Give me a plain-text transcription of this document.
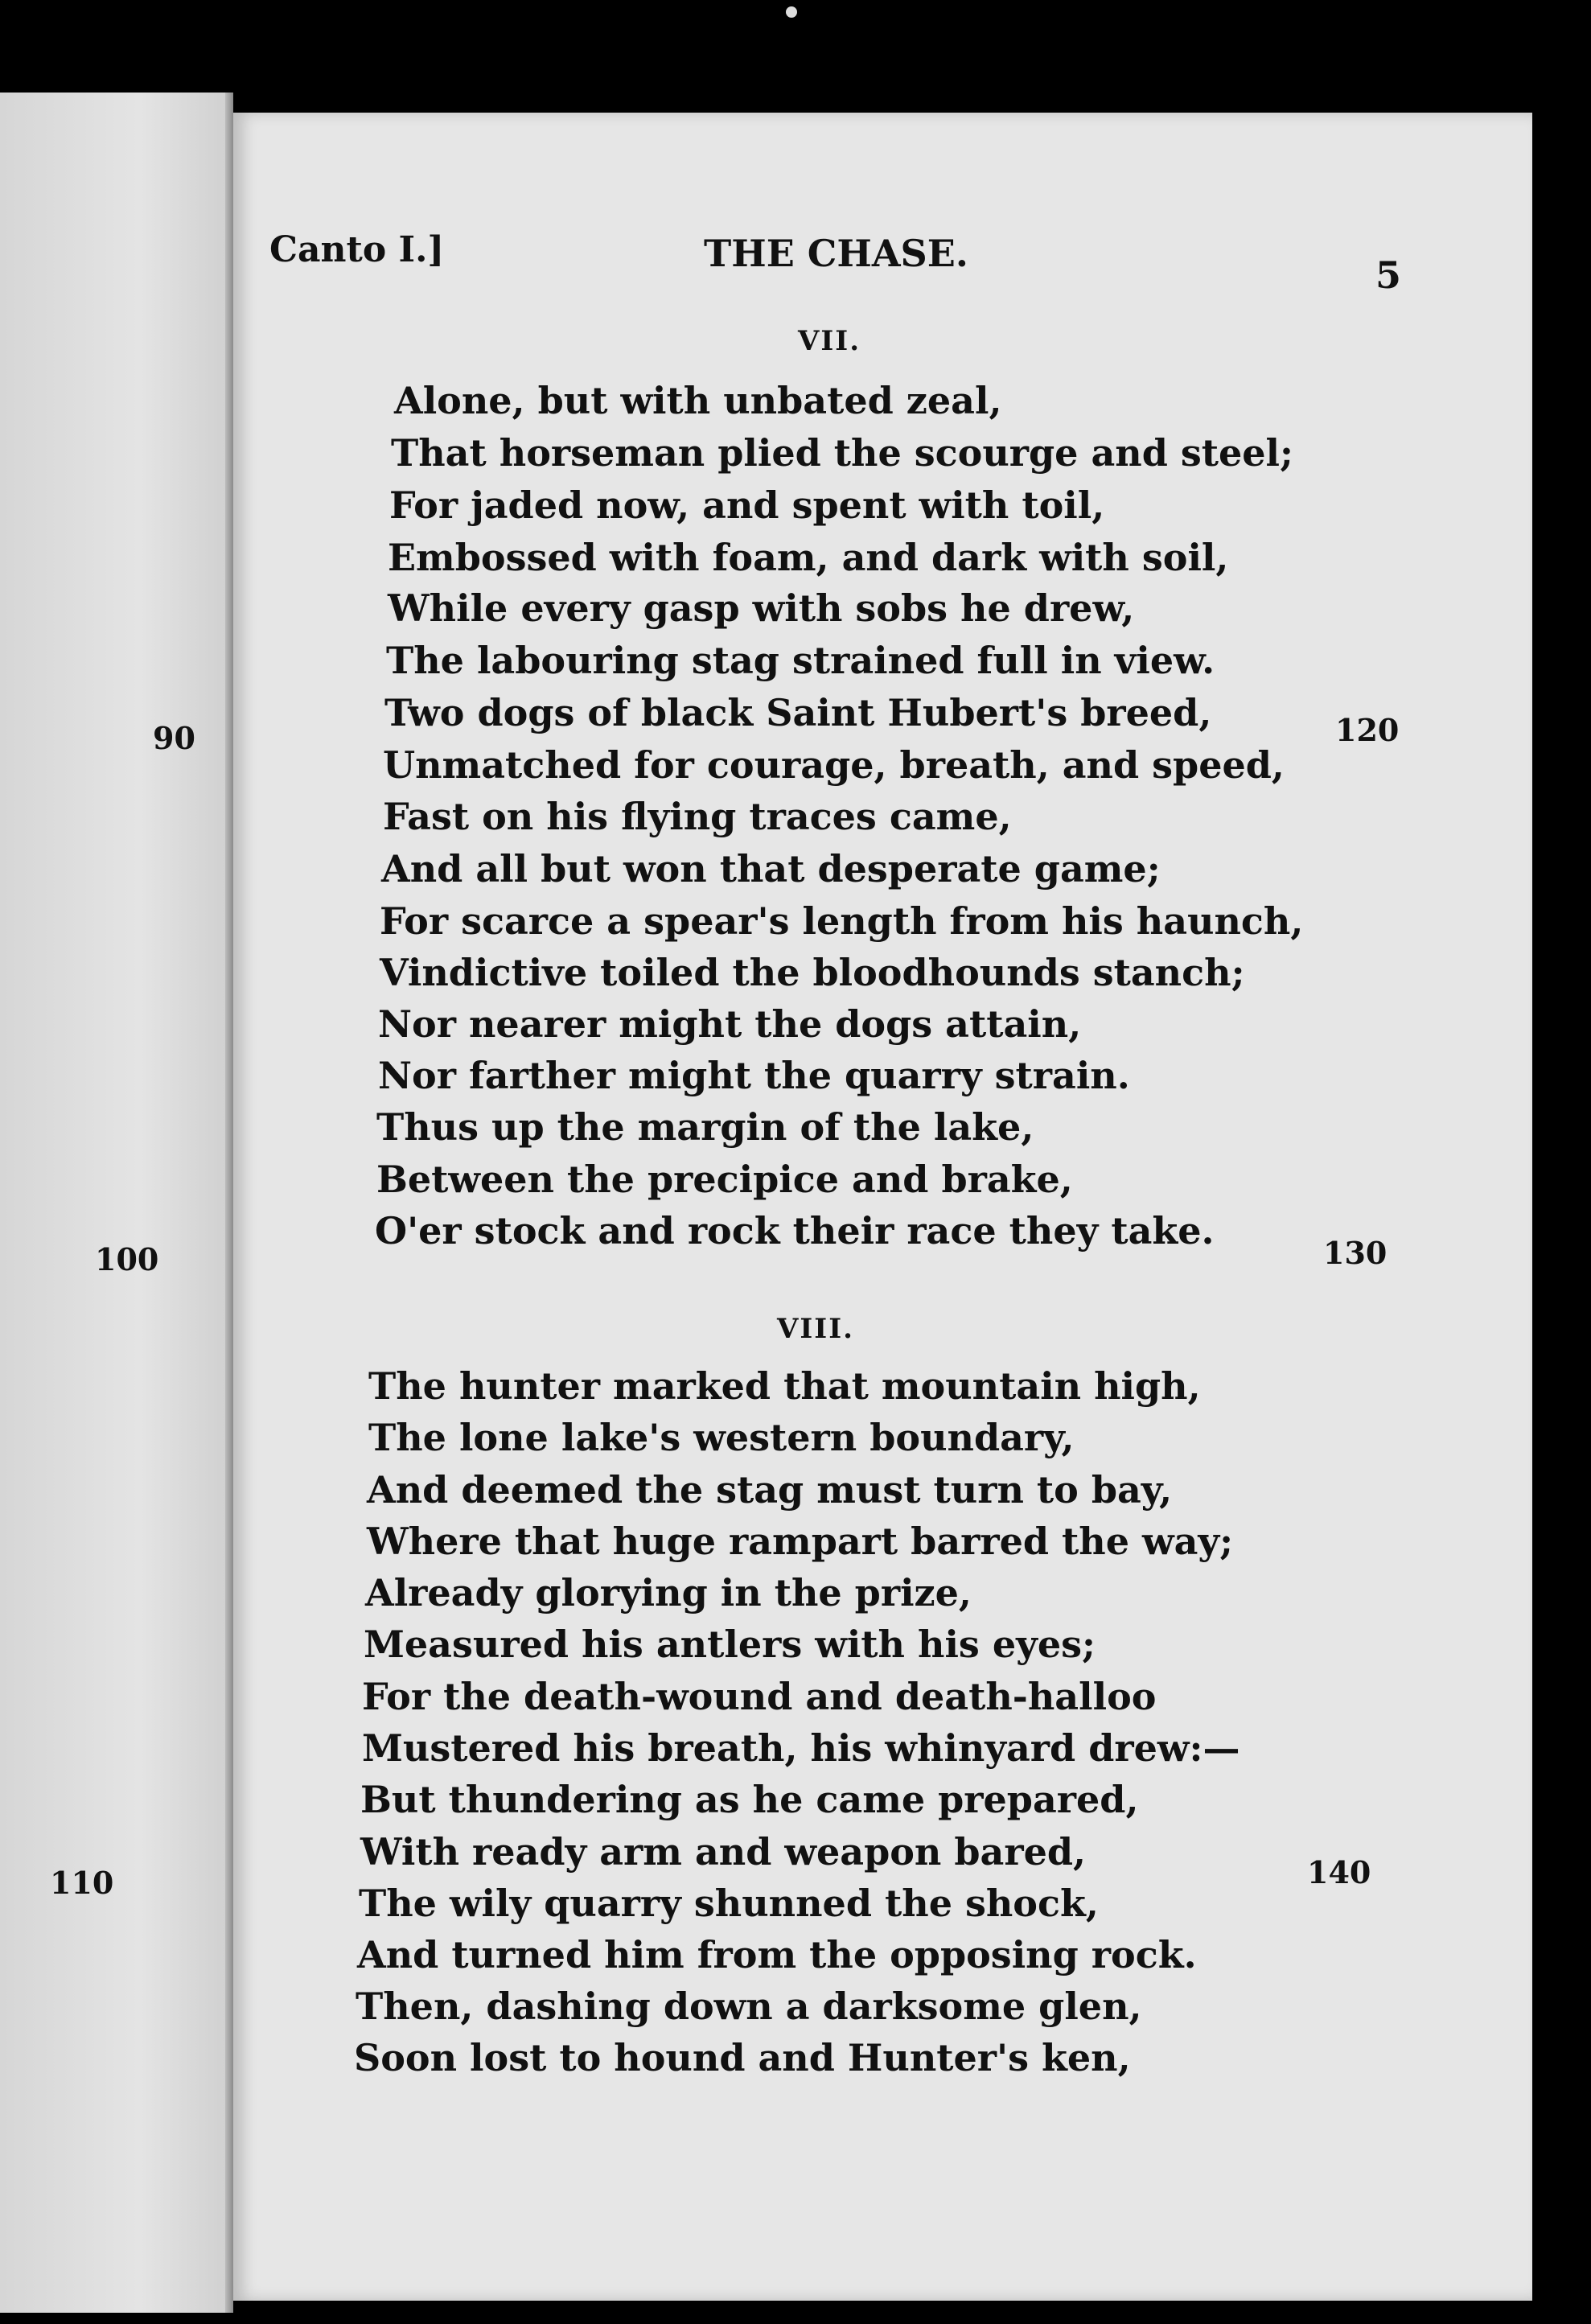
Canto I.]	THE CHASE.	5
VII.
Alone, but with unbated zeal,
That horseman plied the scourge and steel;
For jaded now, and spent with toil,
Embossed with foam, and dark with soil,
While every gasp with sobs he drew,
The labouring stag strained full in view.
Two dogs of black Saint Hubert's breed,
Unmatched for courage, breath, and speed,
Fast on his flying traces came,
And all but won that desperate game;
For scarce a spear's length from his haunch,
Vindictive toiled the bloodhounds stanch;
Nor nearer might the dogs attain,
Nor farther might the quarry strain.
Thus up the margin of the lake,
Between the precipice and brake,
O'er stock and rock their race they take.
VIII.
The hunter marked that mountain high,
The lone lake's western boundary,
And deemed the stag must turn to bay,
Where that huge rampart barred the way;
Already glorying in the prize,
Measured his antlers with his eyes;
For the death-wound and death-halloo
Mustered his breath, his whinyard drew:—
But thundering as he came prepared,
With ready arm and weapon bared,
The wily quarry shunned the shock,
And turned him from the opposing rock.
Then, dashing down a darksome glen,
Soon lost to hound and Hunter's ken,
90
100
110
120
130
140
